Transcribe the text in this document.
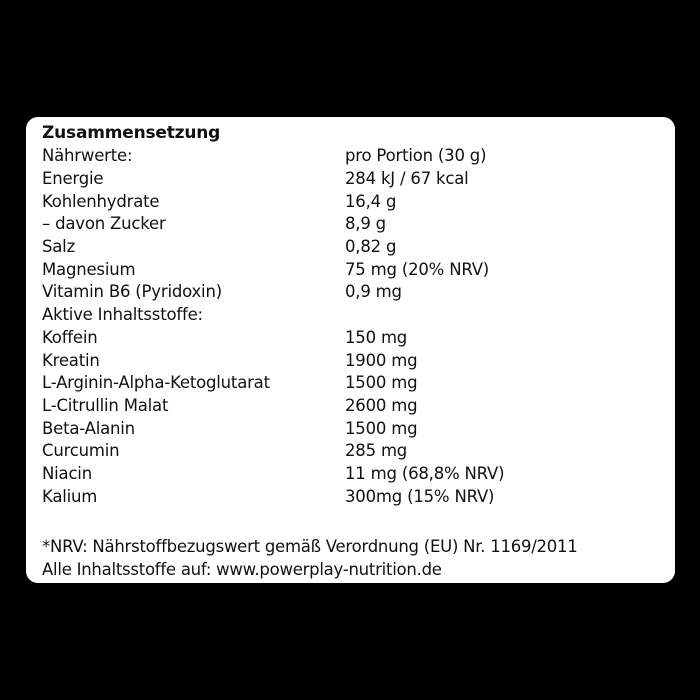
Zusammensetzung
Nährwerte:	pro Portion (30 g)
Energie	284 kJ / 67 kcal
Kohlenhydrate	16,4 g
– davon Zucker	8,9 g
Salz	0,82 g
Magnesium	75 mg (20% NRV)
Vitamin B6 (Pyridoxin)	0,9 mg
Aktive Inhaltsstoffe:
Koffein	150 mg
Kreatin	1900 mg
L-Arginin-Alpha-Ketoglutarat	1500 mg
L-Citrullin Malat	2600 mg
Beta-Alanin	1500 mg
Curcumin	285 mg
Niacin	11 mg (68,8% NRV)
Kalium	300mg (15% NRV)
*NRV: Nährstoffbezugswert gemäß Verordnung (EU) Nr. 1169/2011
Alle Inhaltsstoffe auf: www.powerplay-nutrition.de
